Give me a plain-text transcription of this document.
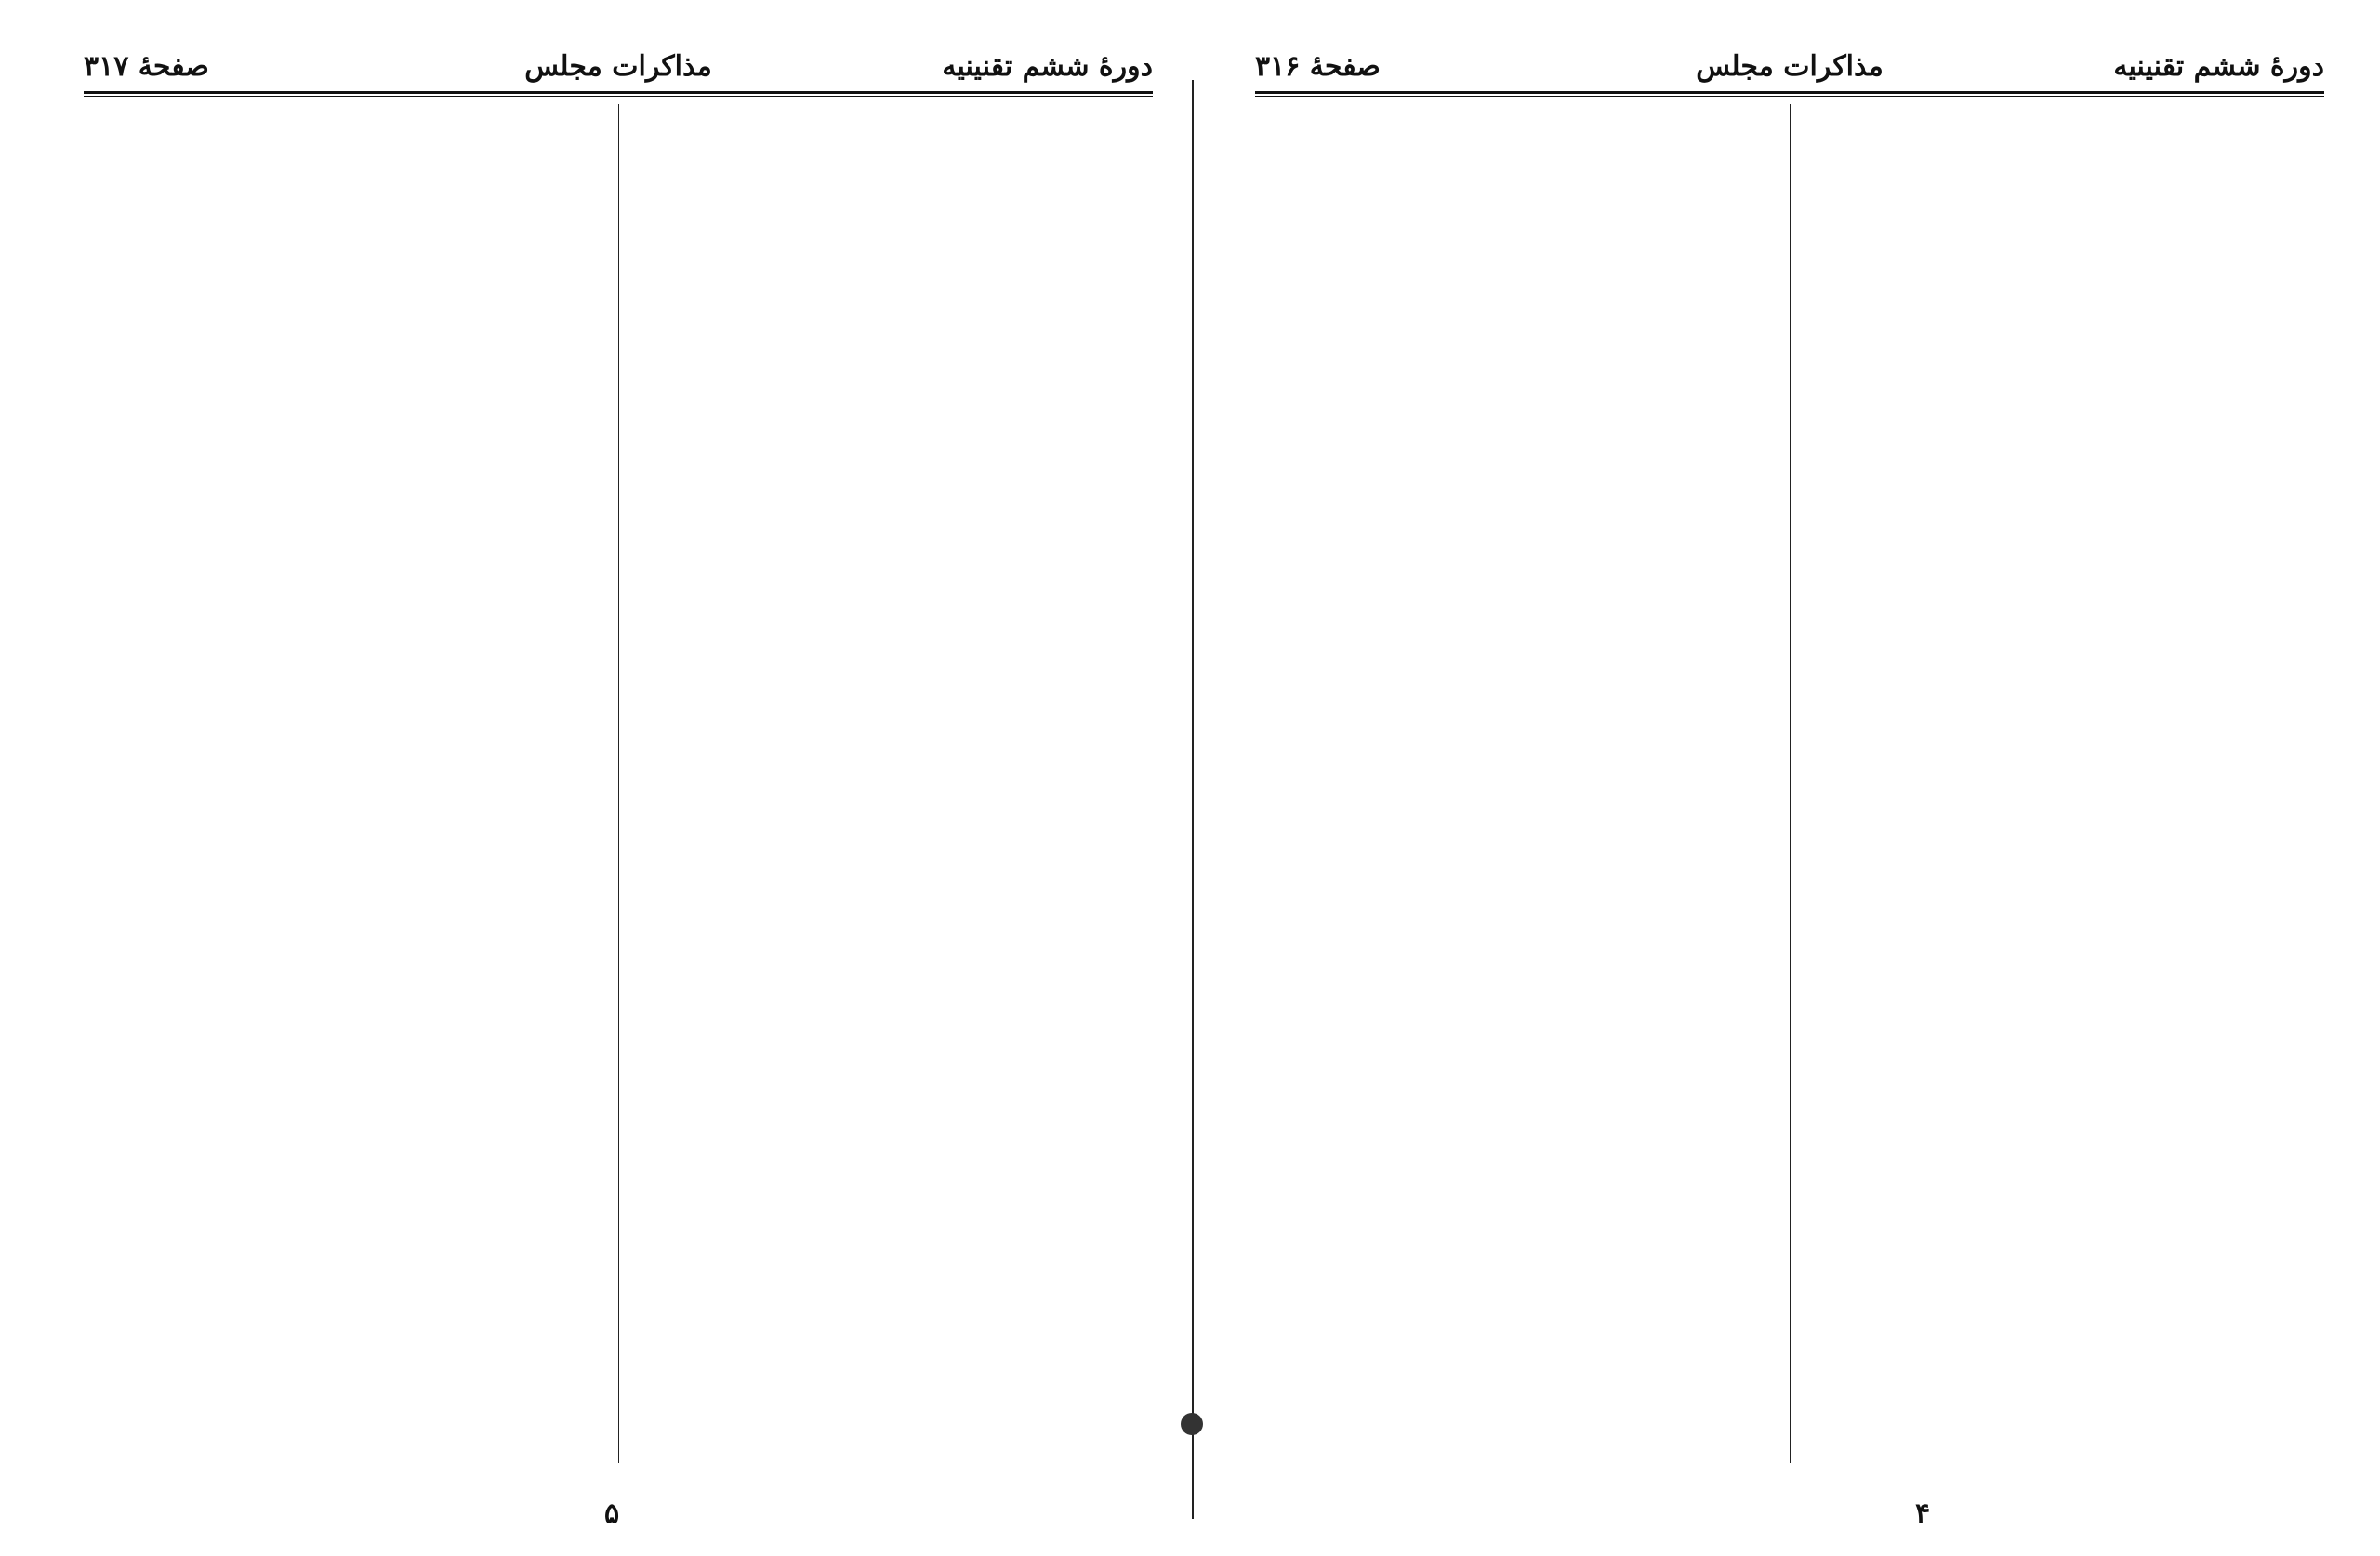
دورهٔ ششم تقنینیه
مذاکرات مجلس
صفحهٔ ۳۱۶
۴
دورهٔ ششم تقنینیه
مذاکرات مجلس
صفحهٔ ۳۱۷
۵
